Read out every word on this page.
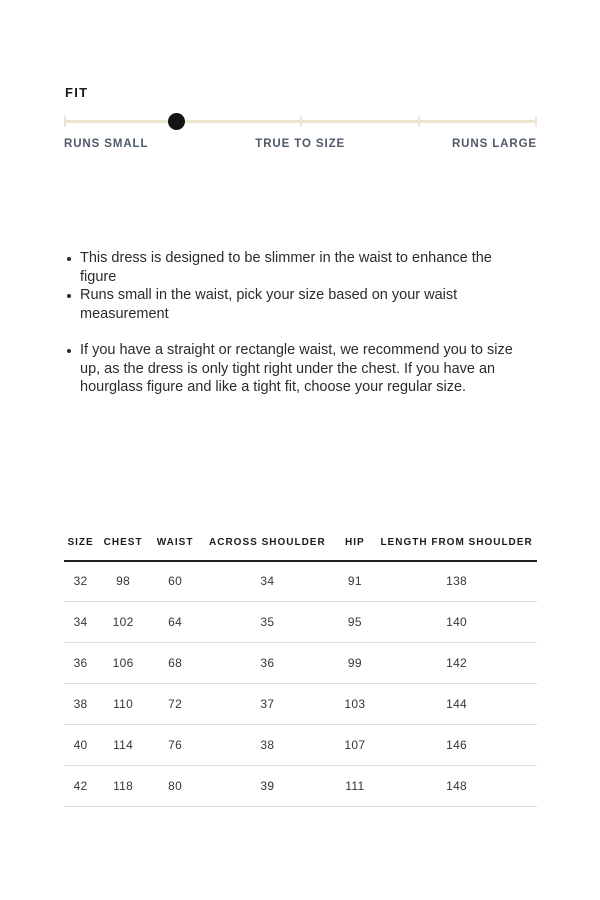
FIT
RUNS SMALL	TRUE TO SIZE	RUNS LARGE
This dress is designed to be slimmer in the waist to enhance the figure
Runs small in the waist, pick your size based on your waist measurement
If you have a straight or rectangle waist, we recommend you to size up, as the dress is only tight right under the chest. If you have an hourglass figure and like a tight fit, choose your regular size.
SIZE	CHEST	WAIST	ACROSS SHOULDER	HIP	LENGTH FROM SHOULDER
32	98	60	34	91	138
34	102	64	35	95	140
36	106	68	36	99	142
38	110	72	37	103	144
40	114	76	38	107	146
42	118	80	39	111	148
